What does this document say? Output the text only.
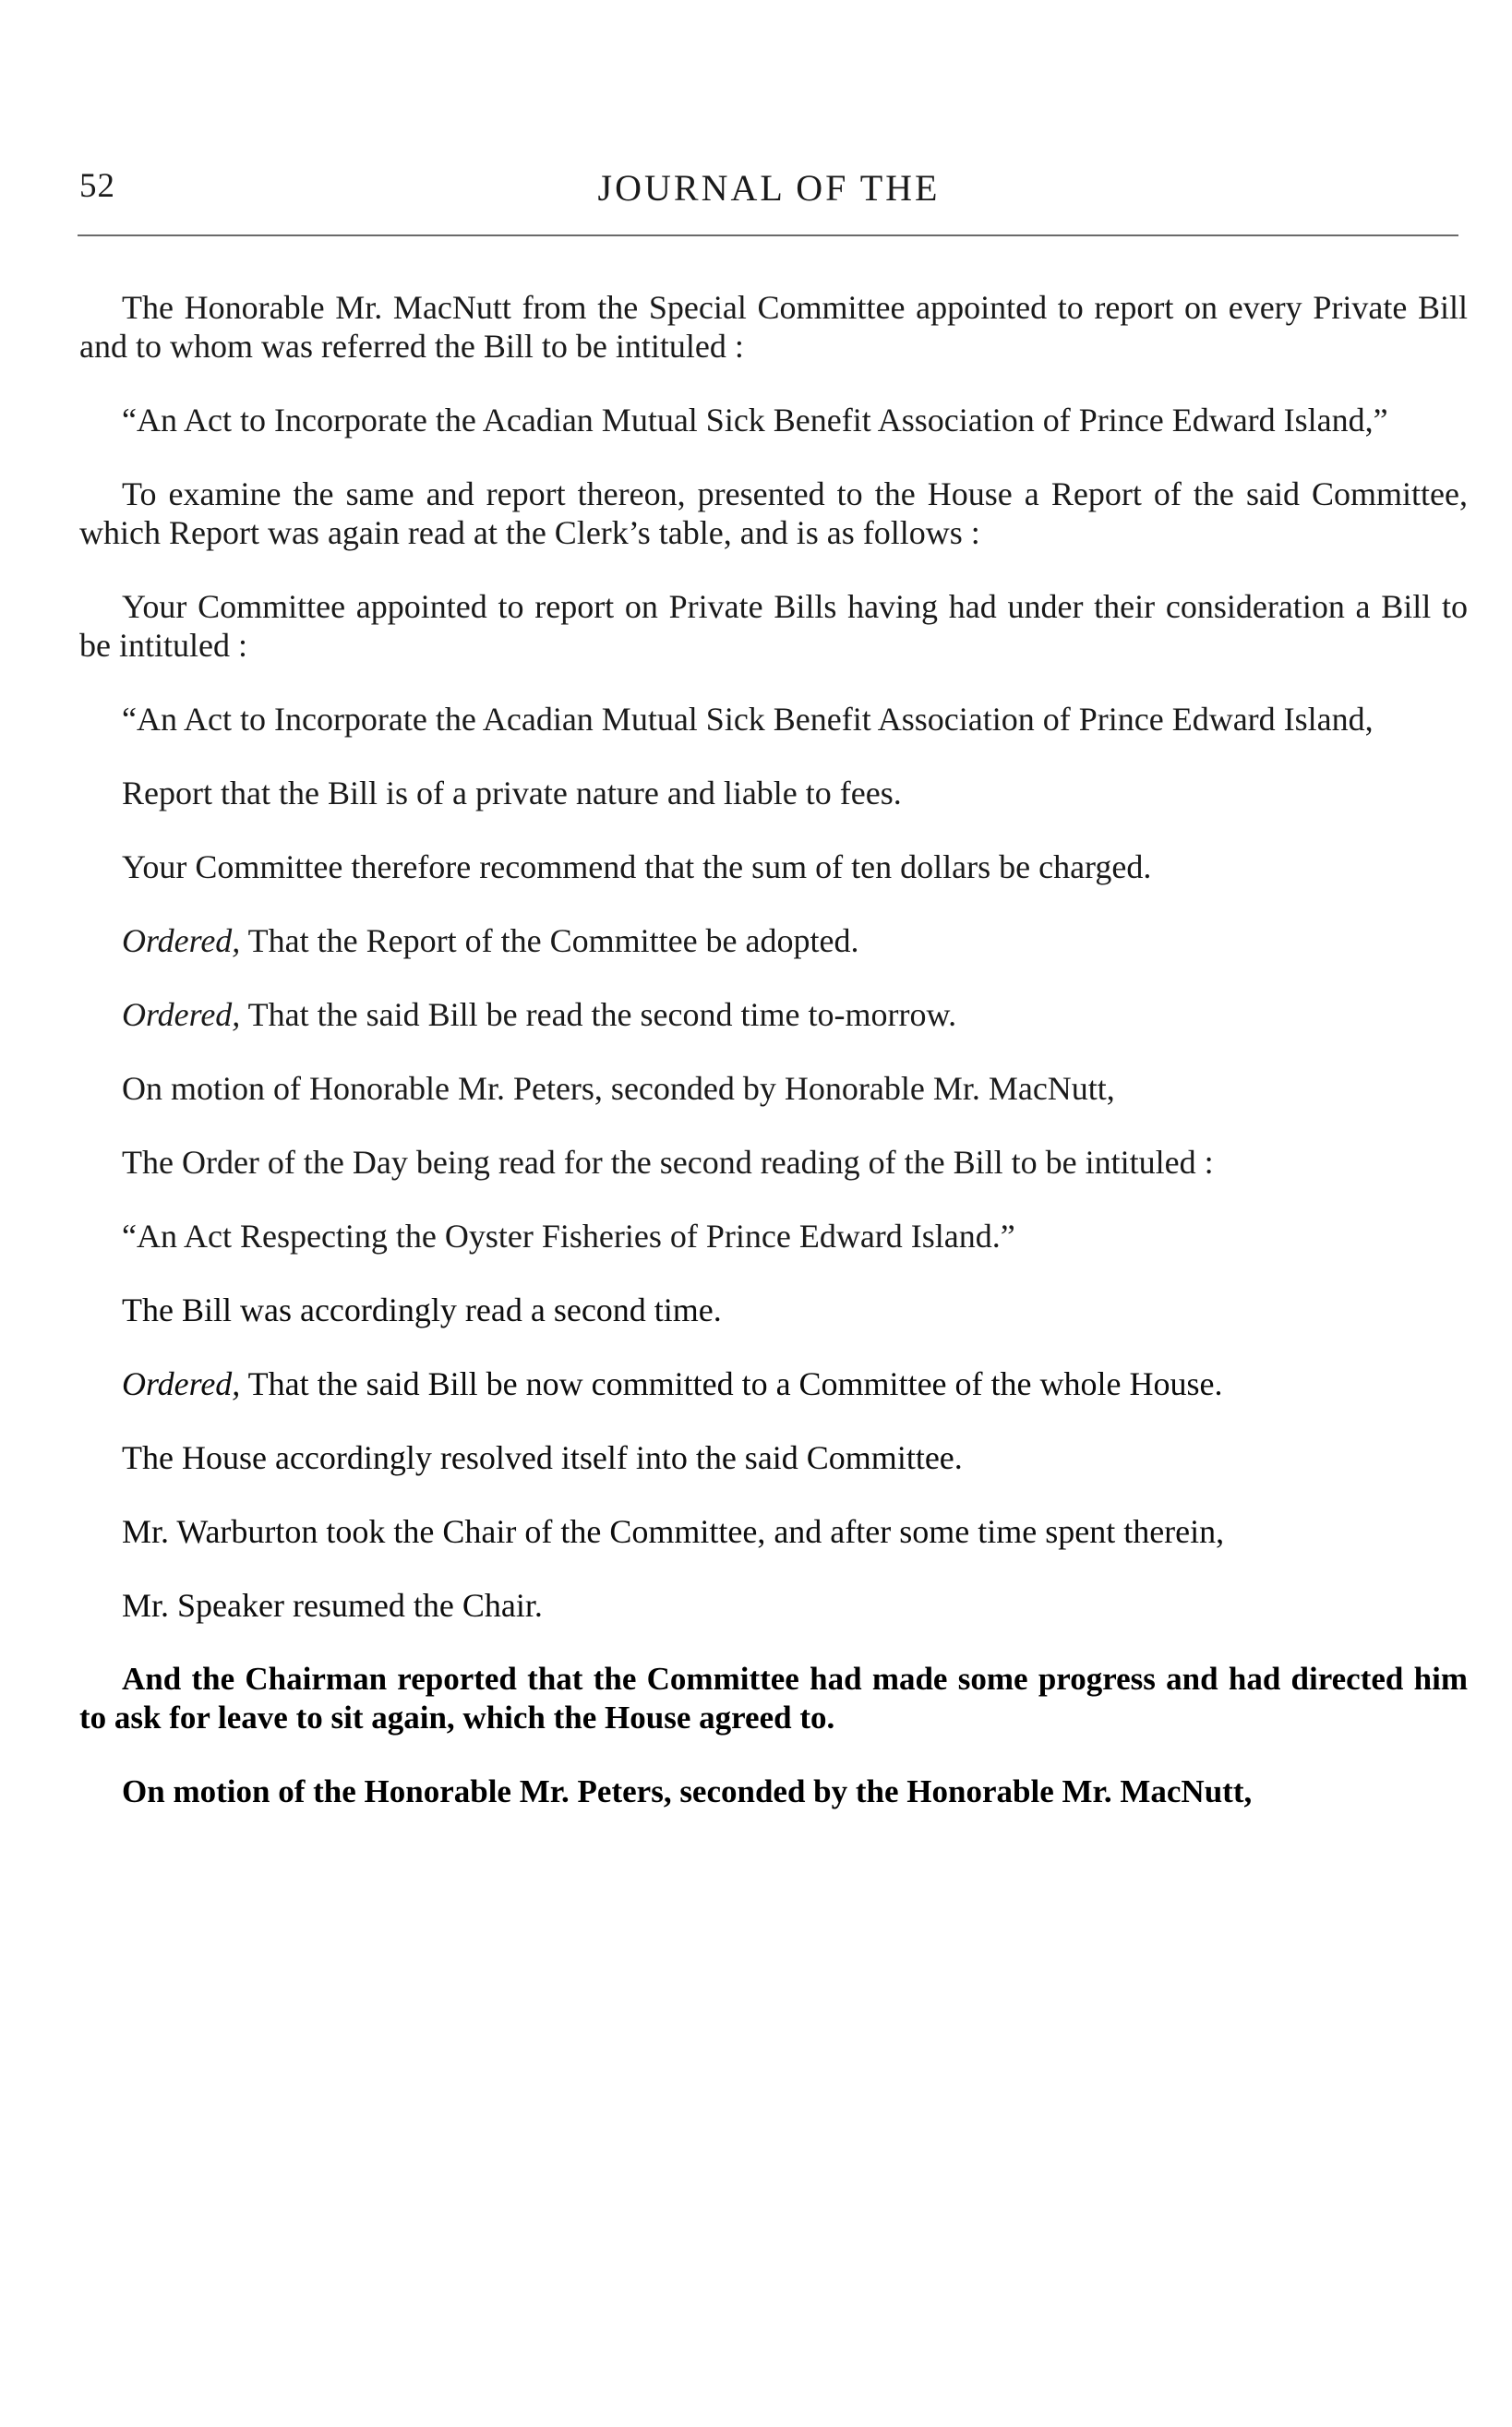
52	JOURNAL OF THE

The Honorable Mr. MacNutt from the Special Committee appointed to report on every Private Bill and to whom was referred the Bill to be intituled :

“An Act to Incorporate the Acadian Mutual Sick Benefit Association of Prince Edward Island,”

To examine the same and report thereon, presented to the House a Report of the said Committee, which Report was again read at the Clerk’s table, and is as follows :

Your Committee appointed to report on Private Bills having had under their consideration a Bill to be intituled :

“An Act to Incorporate the Acadian Mutual Sick Benefit Association of Prince Edward Island,

Report that the Bill is of a private nature and liable to fees.

Your Committee therefore recommend that the sum of ten dollars be charged.

Ordered, That the Report of the Committee be adopted.

Ordered, That the said Bill be read the second time to-morrow.

On motion of Honorable Mr. Peters, seconded by Honorable Mr. MacNutt,

The Order of the Day being read for the second reading of the Bill to be intituled :

“An Act Respecting the Oyster Fisheries of Prince Edward Island.”

The Bill was accordingly read a second time.

Ordered, That the said Bill be now committed to a Committee of the whole House.

The House accordingly resolved itself into the said Committee.

Mr. Warburton took the Chair of the Committee, and after some time spent therein,

Mr. Speaker resumed the Chair.

And the Chairman reported that the Committee had made some progress and had directed him to ask for leave to sit again, which the House agreed to.

On motion of the Honorable Mr. Peters, seconded by the Honorable Mr. MacNutt,
